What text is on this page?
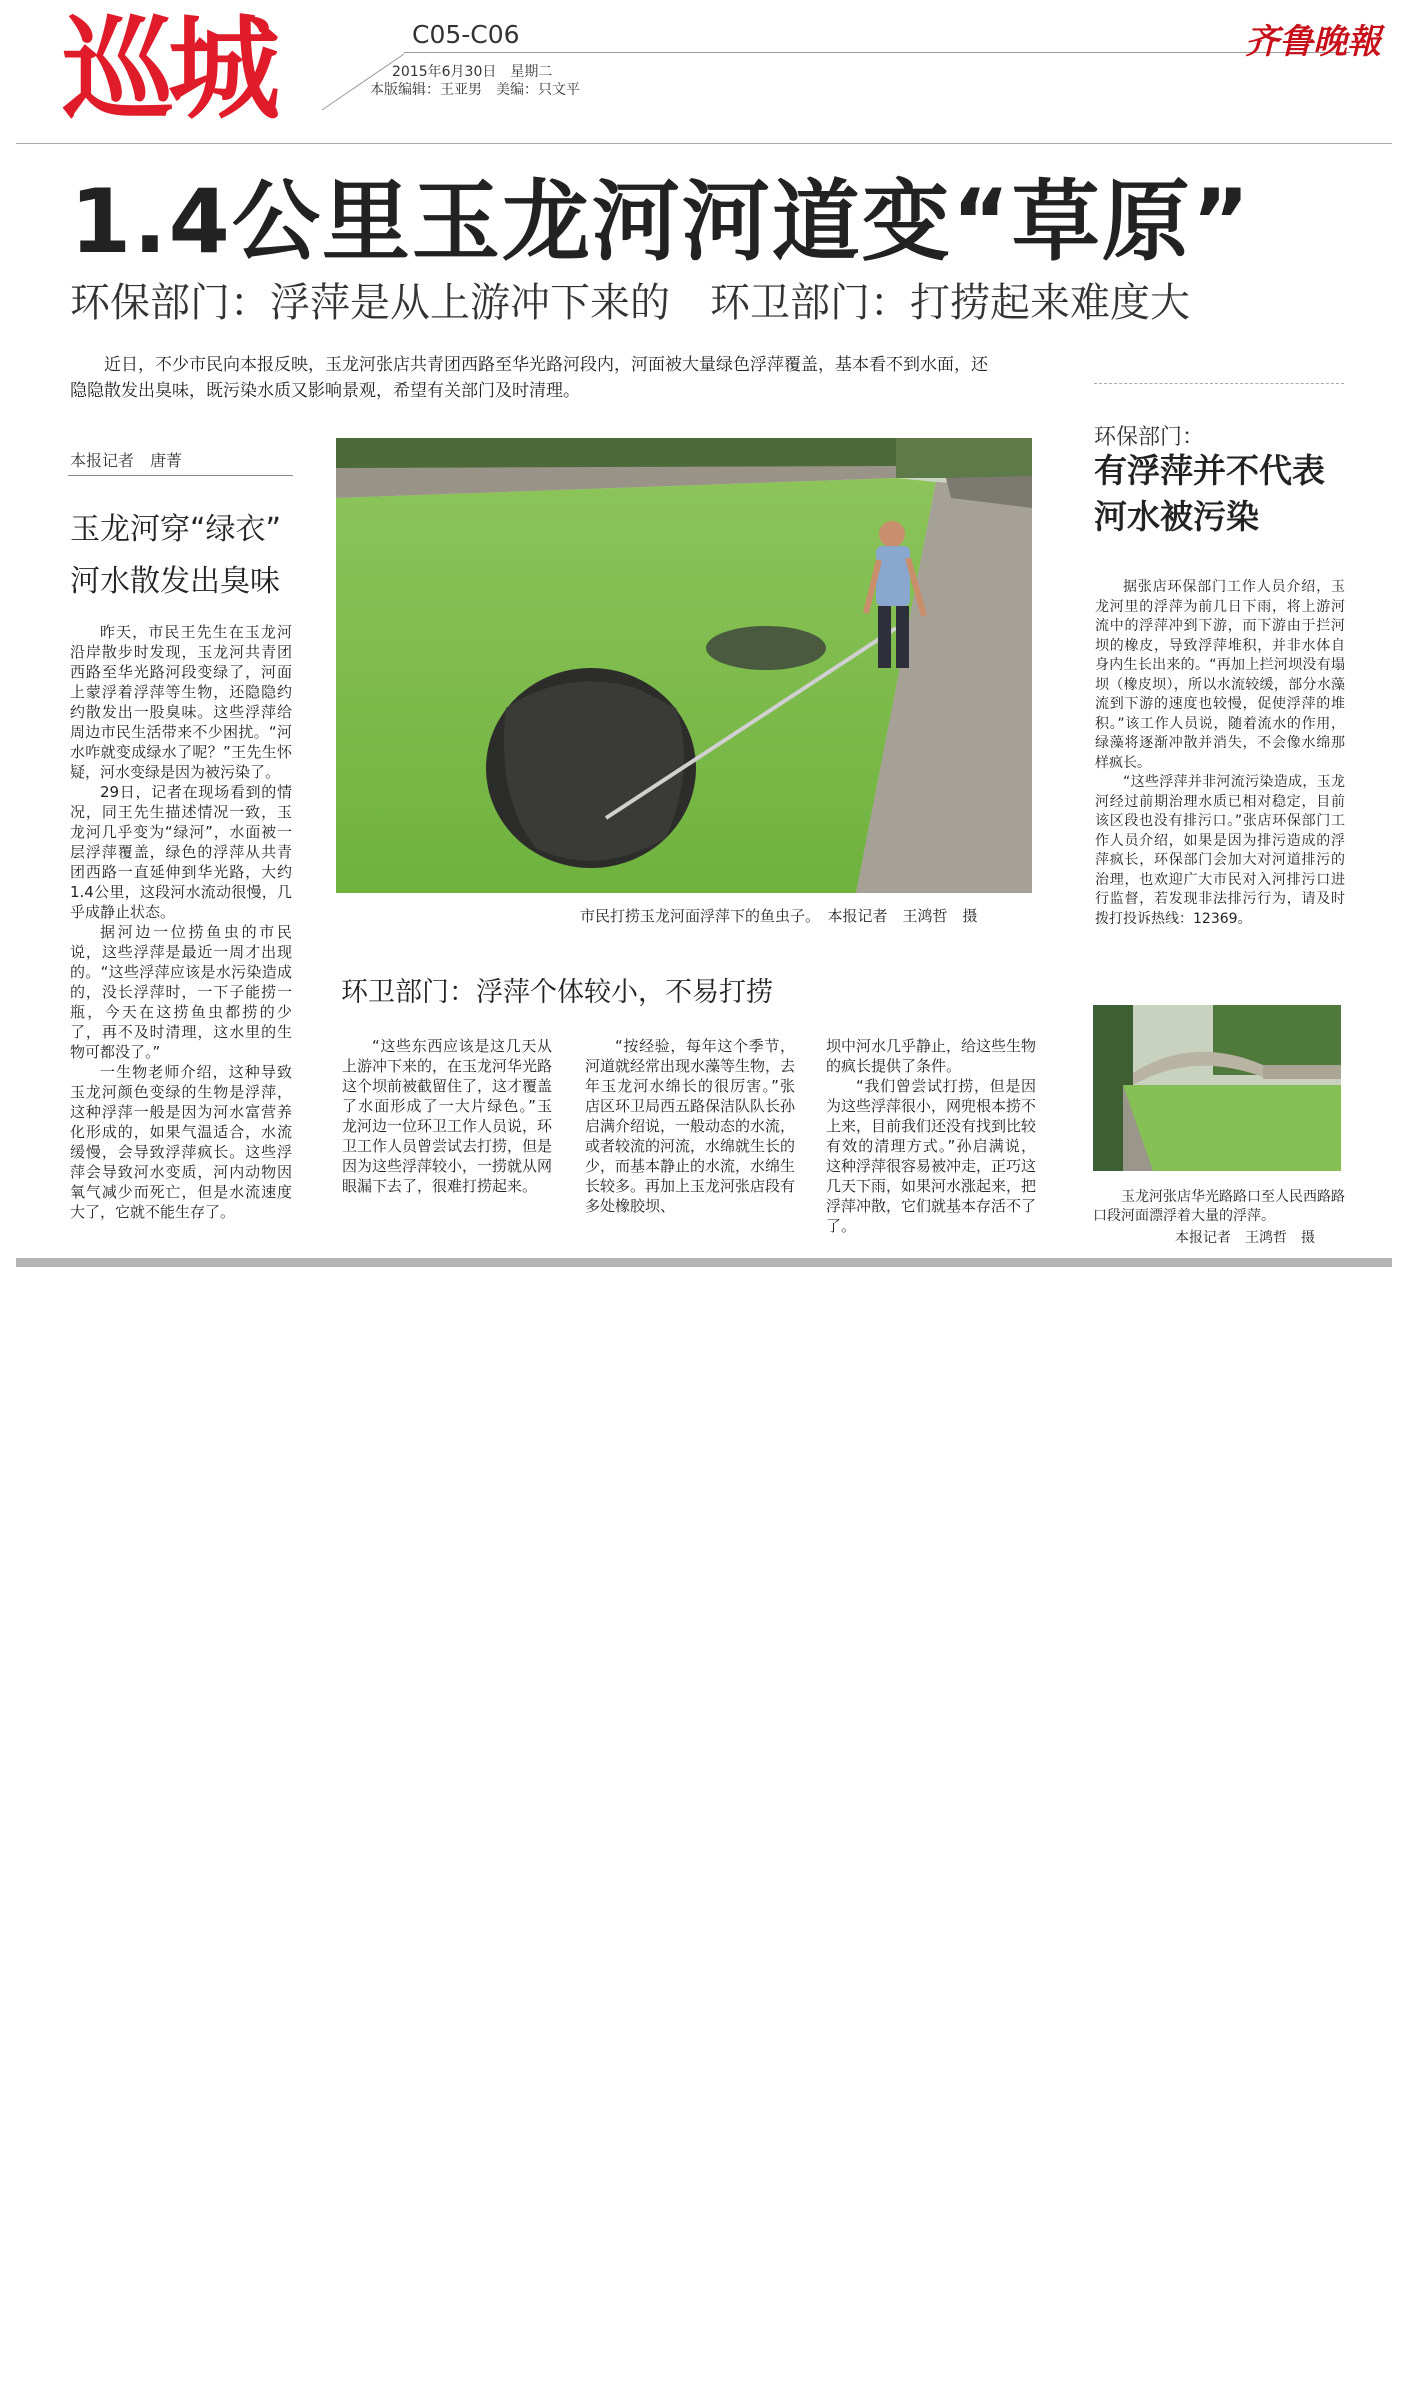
巡城	C05-C06	齐鲁晚報
2015年6月30日　星期二
本版编辑：王亚男　美编：只文平
1.4公里玉龙河河道变“草原”
环保部门：浮萍是从上游冲下来的　环卫部门：打捞起来难度大
近日，不少市民向本报反映，玉龙河张店共青团西路至华光路河段内，河面被大量绿色浮萍覆盖，基本看不到水面，还隐隐散发出臭味，既污染水质又影响景观，希望有关部门及时清理。
本报记者　唐菁
玉龙河穿“绿衣”
河水散发出臭味

昨天，市民王先生在玉龙河沿岸散步时发现，玉龙河共青团西路至华光路河段变绿了，河面上蒙浮着浮萍等生物，还隐隐约约散发出一股臭味。这些浮萍给周边市民生活带来不少困扰。“河水咋就变成绿水了呢？”王先生怀疑，河水变绿是因为被污染了。

29日，记者在现场看到的情况，同王先生描述情况一致，玉龙河几乎变为“绿河”，水面被一层浮萍覆盖，绿色的浮萍从共青团西路一直延伸到华光路，大约1.4公里，这段河水流动很慢，几乎成静止状态。

据河边一位捞鱼虫的市民说，这些浮萍是最近一周才出现的。“这些浮萍应该是水污染造成的，没长浮萍时，一下子能捞一瓶，今天在这捞鱼虫都捞的少了，再不及时清理，这水里的生物可都没了。”

一生物老师介绍，这种导致玉龙河颜色变绿的生物是浮萍，这种浮萍一般是因为河水富营养化形成的，如果气温适合，水流缓慢，会导致浮萍疯长。这些浮萍会导致河水变质，河内动物因氧气减少而死亡，但是水流速度大了，它就不能生存了。

市民打捞玉龙河面浮萍下的鱼虫子。　本报记者　王鸿哲　摄
环卫部门：浮萍个体较小，不易打捞

“这些东西应该是这几天从上游冲下来的，在玉龙河华光路这个坝前被截留住了，这才覆盖了水面形成了一大片绿色。”玉龙河边一位环卫工作人员说，环卫工作人员曾尝试去打捞，但是因为这些浮萍较小，一捞就从网眼漏下去了，很难打捞起来。

“按经验，每年这个季节，河道就经常出现水藻等生物，去年玉龙河水绵长的很厉害。”张店区环卫局西五路保洁队队长孙启满介绍说，一般动态的水流，或者较流的河流，水绵就生长的少，而基本静止的水流，水绵生长较多。再加上玉龙河张店段有多处橡胶坝、

坝中河水几乎静止，给这些生物的疯长提供了条件。

“我们曾尝试打捞，但是因为这些浮萍很小，网兜根本捞不上来，目前我们还没有找到比较有效的清理方式。”孙启满说，这种浮萍很容易被冲走，正巧这几天下雨，如果河水涨起来，把浮萍冲散，它们就基本存活不了了。

环保部门：
有浮萍并不代表
河水被污染

据张店环保部门工作人员介绍，玉龙河里的浮萍为前几日下雨，将上游河流中的浮萍冲到下游，而下游由于拦河坝的橡皮，导致浮萍堆积，并非水体自身内生长出来的。“再加上拦河坝没有塌坝（橡皮坝），所以水流较缓，部分水藻流到下游的速度也较慢，促使浮萍的堆积。”该工作人员说，随着流水的作用，绿藻将逐渐冲散并消失，不会像水绵那样疯长。

“这些浮萍并非河流污染造成，玉龙河经过前期治理水质已相对稳定，目前该区段也没有排污口。”张店环保部门工作人员介绍，如果是因为排污造成的浮萍疯长，环保部门会加大对河道排污的治理，也欢迎广大市民对入河排污口进行监督，若发现非法排污行为，请及时拨打投诉热线：12369。

玉龙河张店华光路路口至人民西路路口段河面漂浮着大量的浮萍。
本报记者　王鸿哲　摄
